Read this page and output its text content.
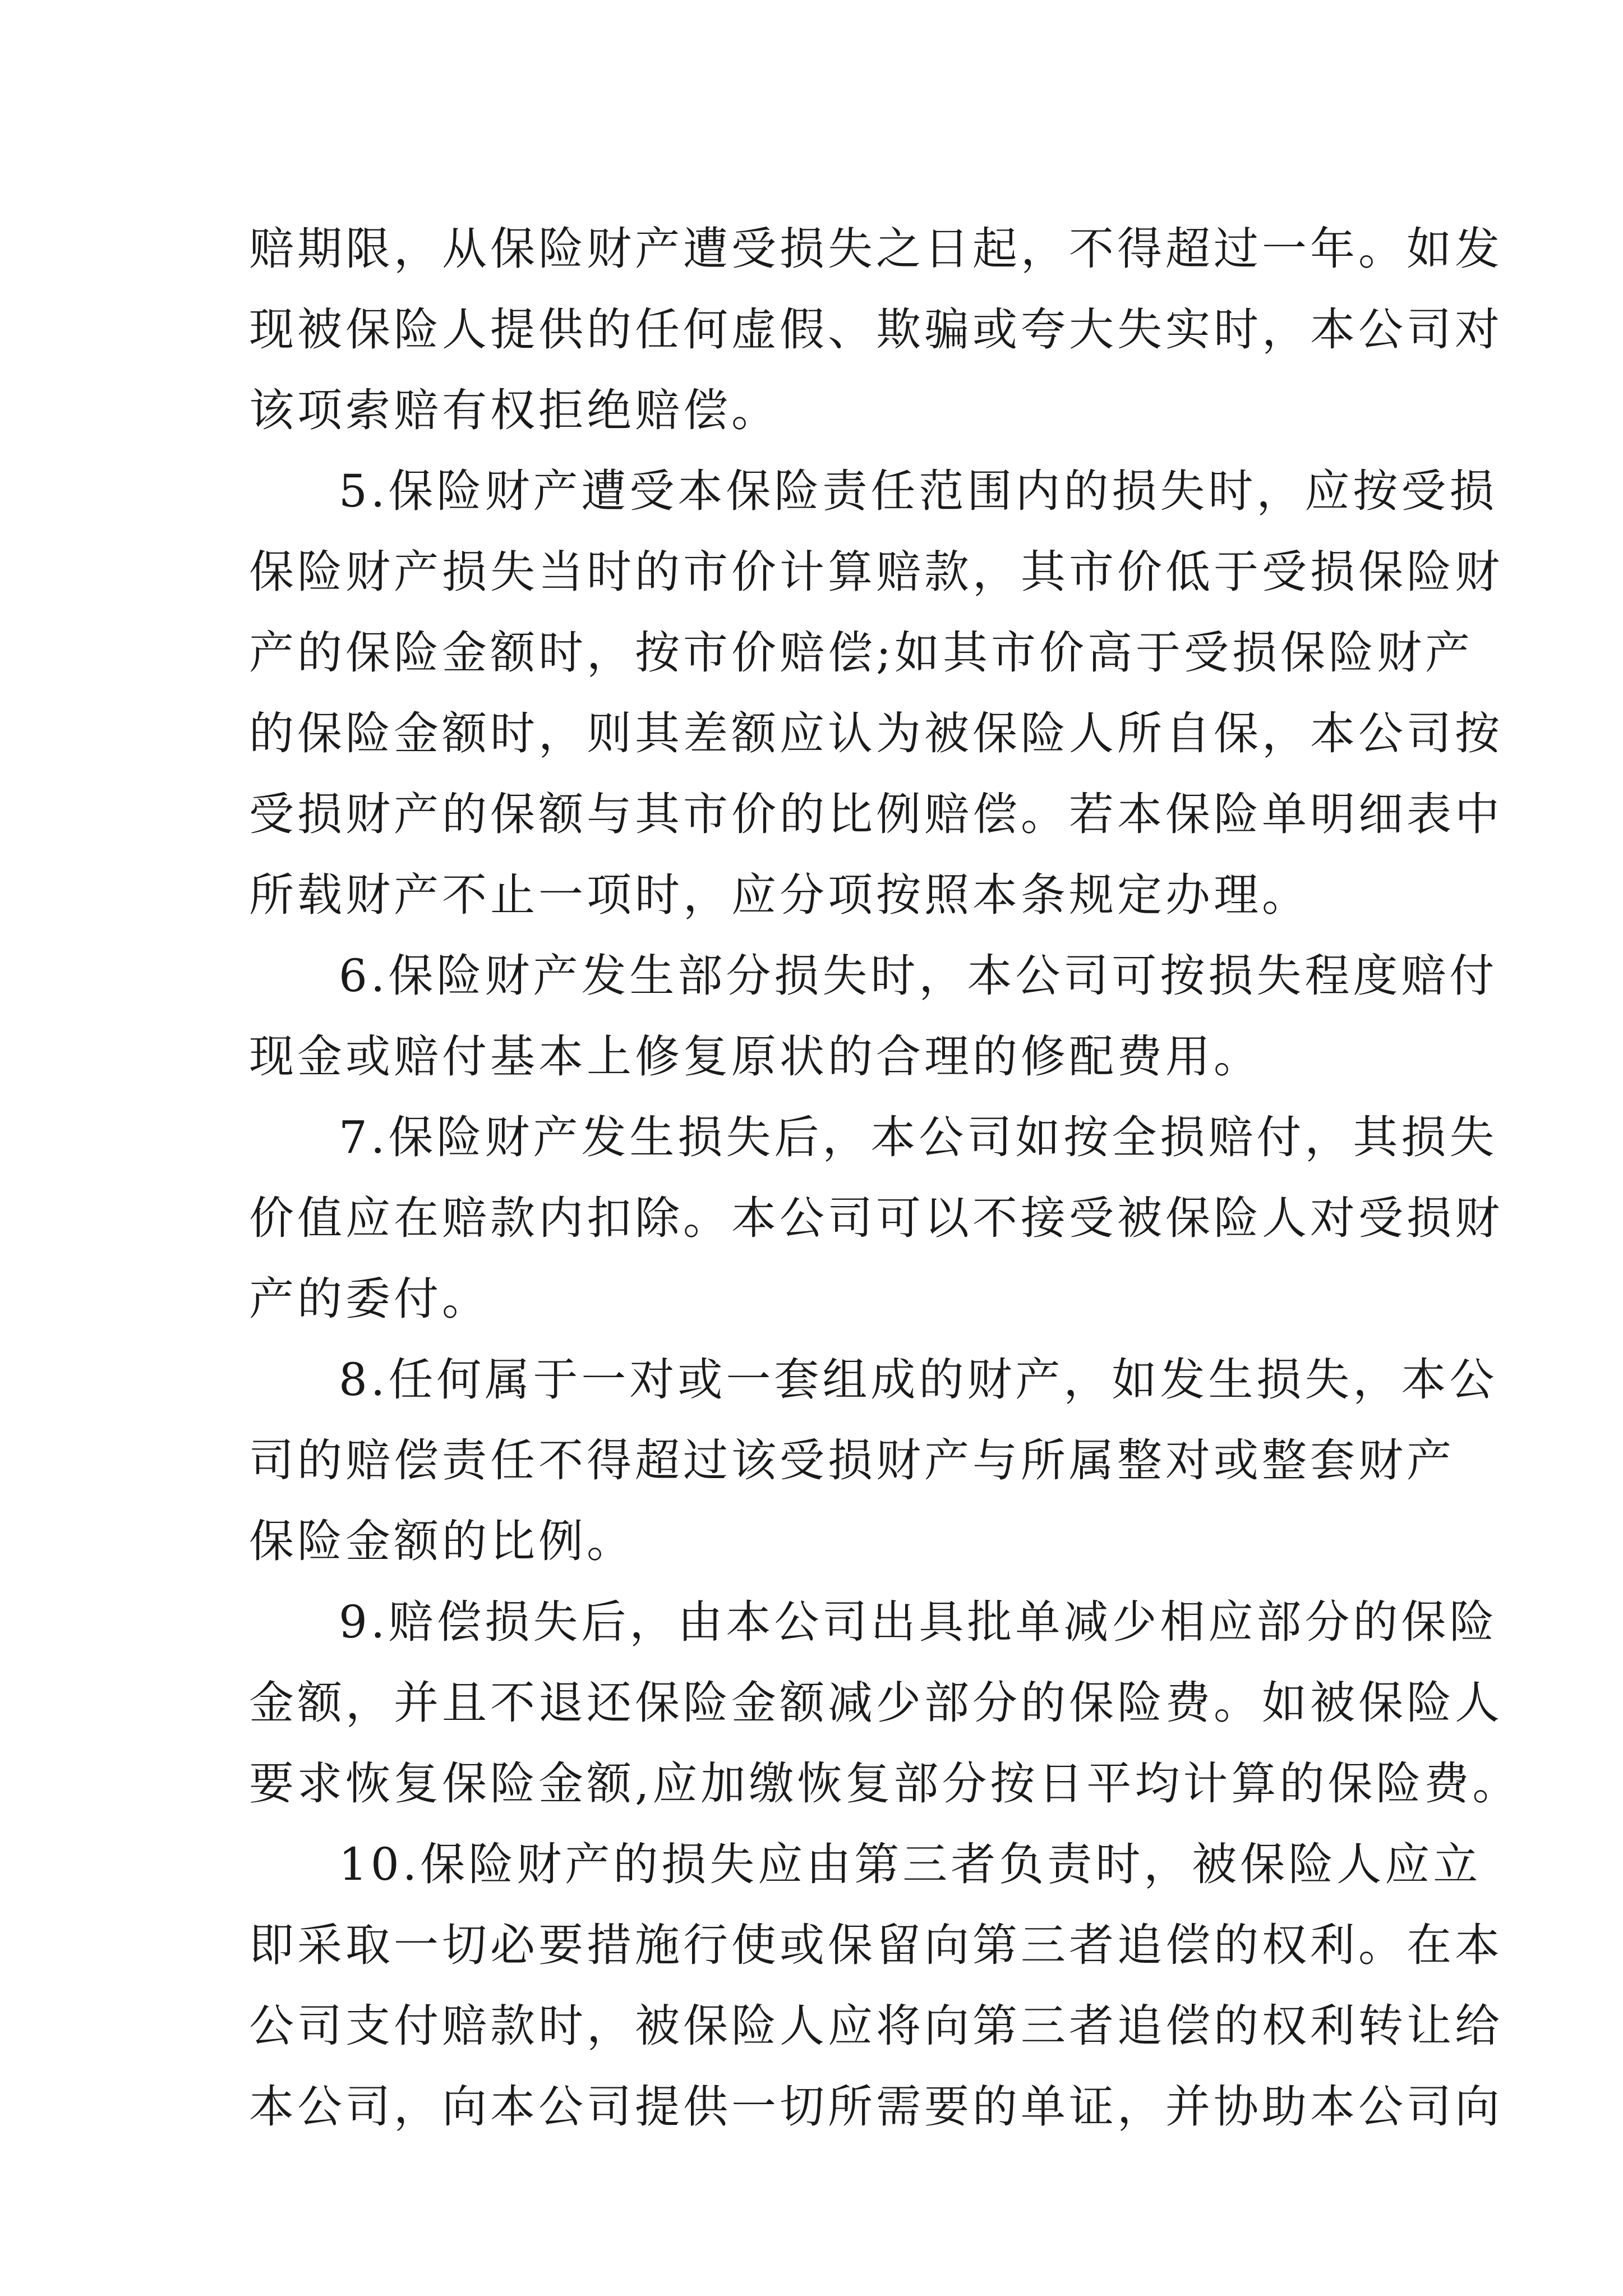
赔期限，从保险财产遭受损失之日起，不得超过一年。如发
现被保险人提供的任何虚假、欺骗或夸大失实时，本公司对
该项索赔有权拒绝赔偿。
5.保险财产遭受本保险责任范围内的损失时，应按受损
保险财产损失当时的市价计算赔款，其市价低于受损保险财
产的保险金额时，按市价赔偿;如其市价高于受损保险财产
的保险金额时，则其差额应认为被保险人所自保，本公司按
受损财产的保额与其市价的比例赔偿。若本保险单明细表中
所载财产不止一项时，应分项按照本条规定办理。
6.保险财产发生部分损失时，本公司可按损失程度赔付
现金或赔付基本上修复原状的合理的修配费用。
7.保险财产发生损失后，本公司如按全损赔付，其损失
价值应在赔款内扣除。本公司可以不接受被保险人对受损财
产的委付。
8.任何属于一对或一套组成的财产，如发生损失，本公
司的赔偿责任不得超过该受损财产与所属整对或整套财产
保险金额的比例。
9.赔偿损失后，由本公司出具批单减少相应部分的保险
金额，并且不退还保险金额减少部分的保险费。如被保险人
要求恢复保险金额,应加缴恢复部分按日平均计算的保险费。
10.保险财产的损失应由第三者负责时，被保险人应立
即采取一切必要措施行使或保留向第三者追偿的权利。在本
公司支付赔款时，被保险人应将向第三者追偿的权利转让给
本公司，向本公司提供一切所需要的单证，并协助本公司向
